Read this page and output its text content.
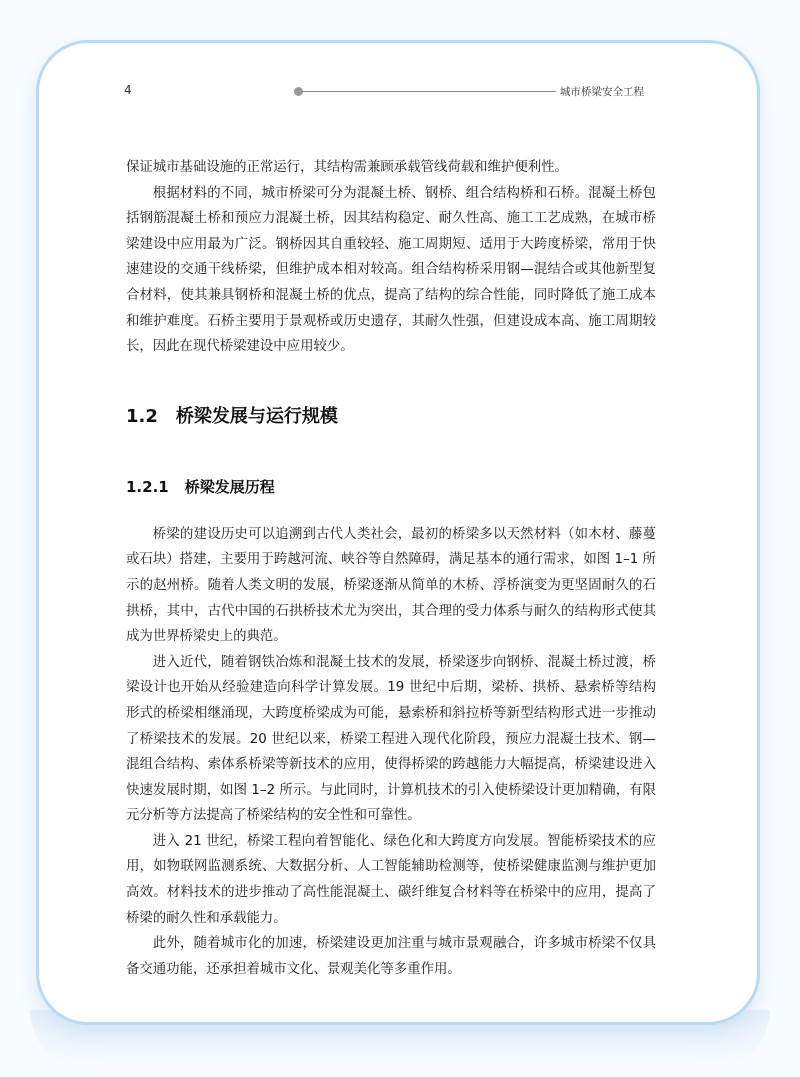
4	城市桥梁安全工程

保证城市基础设施的正常运行，其结构需兼顾承载管线荷载和维护便利性。

根据材料的不同，城市桥梁可分为混凝土桥、钢桥、组合结构桥和石桥。混凝土桥包括钢筋混凝土桥和预应力混凝土桥，因其结构稳定、耐久性高、施工工艺成熟，在城市桥梁建设中应用最为广泛。钢桥因其自重较轻、施工周期短、适用于大跨度桥梁，常用于快速建设的交通干线桥梁，但维护成本相对较高。组合结构桥采用钢—混结合或其他新型复合材料，使其兼具钢桥和混凝土桥的优点，提高了结构的综合性能，同时降低了施工成本和维护难度。石桥主要用于景观桥或历史遗存，其耐久性强，但建设成本高、施工周期较长，因此在现代桥梁建设中应用较少。

1.2 桥梁发展与运行规模
1.2.1 桥梁发展历程

桥梁的建设历史可以追溯到古代人类社会，最初的桥梁多以天然材料（如木材、藤蔓或石块）搭建，主要用于跨越河流、峡谷等自然障碍，满足基本的通行需求，如图 1–1 所示的赵州桥。随着人类文明的发展，桥梁逐渐从简单的木桥、浮桥演变为更坚固耐久的石拱桥，其中，古代中国的石拱桥技术尤为突出，其合理的受力体系与耐久的结构形式使其成为世界桥梁史上的典范。

进入近代，随着钢铁冶炼和混凝土技术的发展，桥梁逐步向钢桥、混凝土桥过渡，桥梁设计也开始从经验建造向科学计算发展。19 世纪中后期，梁桥、拱桥、悬索桥等结构形式的桥梁相继涌现，大跨度桥梁成为可能，悬索桥和斜拉桥等新型结构形式进一步推动了桥梁技术的发展。20 世纪以来，桥梁工程进入现代化阶段，预应力混凝土技术、钢—混组合结构、索体系桥梁等新技术的应用，使得桥梁的跨越能力大幅提高，桥梁建设进入快速发展时期，如图 1–2 所示。与此同时，计算机技术的引入使桥梁设计更加精确，有限元分析等方法提高了桥梁结构的安全性和可靠性。

进入 21 世纪，桥梁工程向着智能化、绿色化和大跨度方向发展。智能桥梁技术的应用，如物联网监测系统、大数据分析、人工智能辅助检测等，使桥梁健康监测与维护更加高效。材料技术的进步推动了高性能混凝土、碳纤维复合材料等在桥梁中的应用，提高了桥梁的耐久性和承载能力。

此外，随着城市化的加速，桥梁建设更加注重与城市景观融合，许多城市桥梁不仅具备交通功能，还承担着城市文化、景观美化等多重作用。
